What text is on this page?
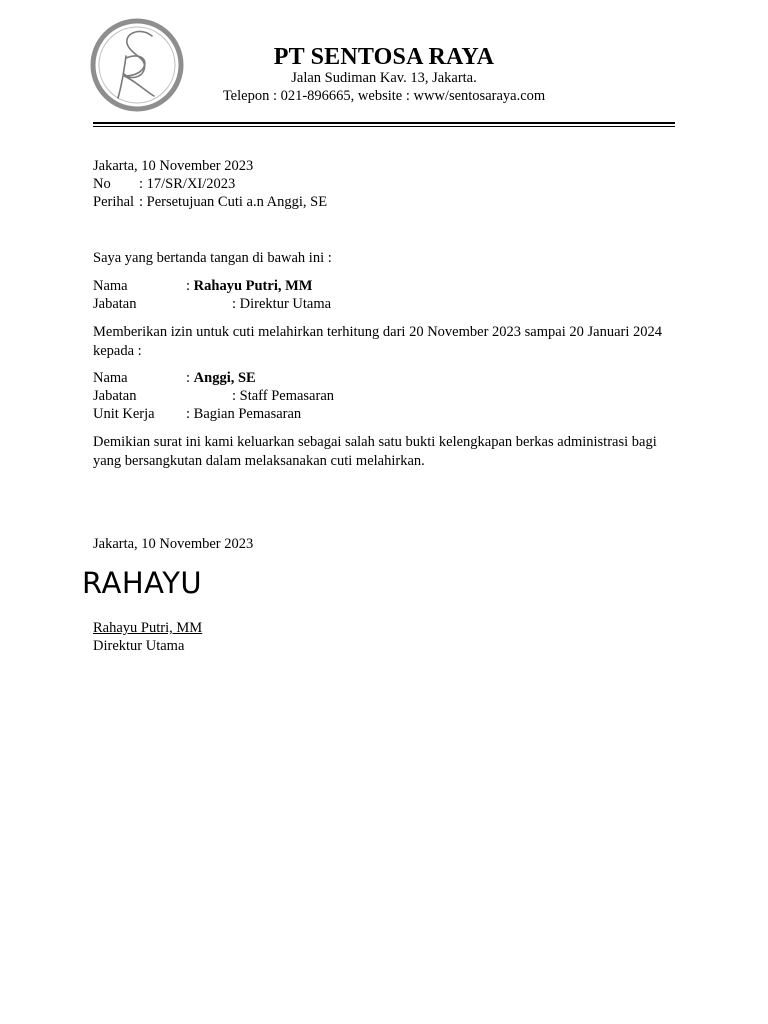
PT SENTOSA RAYA
Jalan Sudiman Kav. 13, Jakarta.
Telepon : 021-896665, website : www/sentosaraya.com
Jakarta, 10 November 2023
No : 17/SR/XI/2023
Perihal : Persetujuan Cuti a.n Anggi, SE
Saya yang bertanda tangan di bawah ini :
Nama	: Rahayu Putri, MM
Jabatan	: Direktur Utama
Memberikan izin untuk cuti melahirkan terhitung dari 20 November 2023 sampai 20 Januari 2024 kepada :
Nama	: Anggi, SE
Jabatan	: Staff Pemasaran
Unit Kerja : Bagian Pemasaran
Demikian surat ini kami keluarkan sebagai salah satu bukti kelengkapan berkas administrasi bagi yang bersangkutan dalam melaksanakan cuti melahirkan.
Jakarta, 10 November 2023
RAHAYU
Rahayu Putri, MM
Direktur Utama
